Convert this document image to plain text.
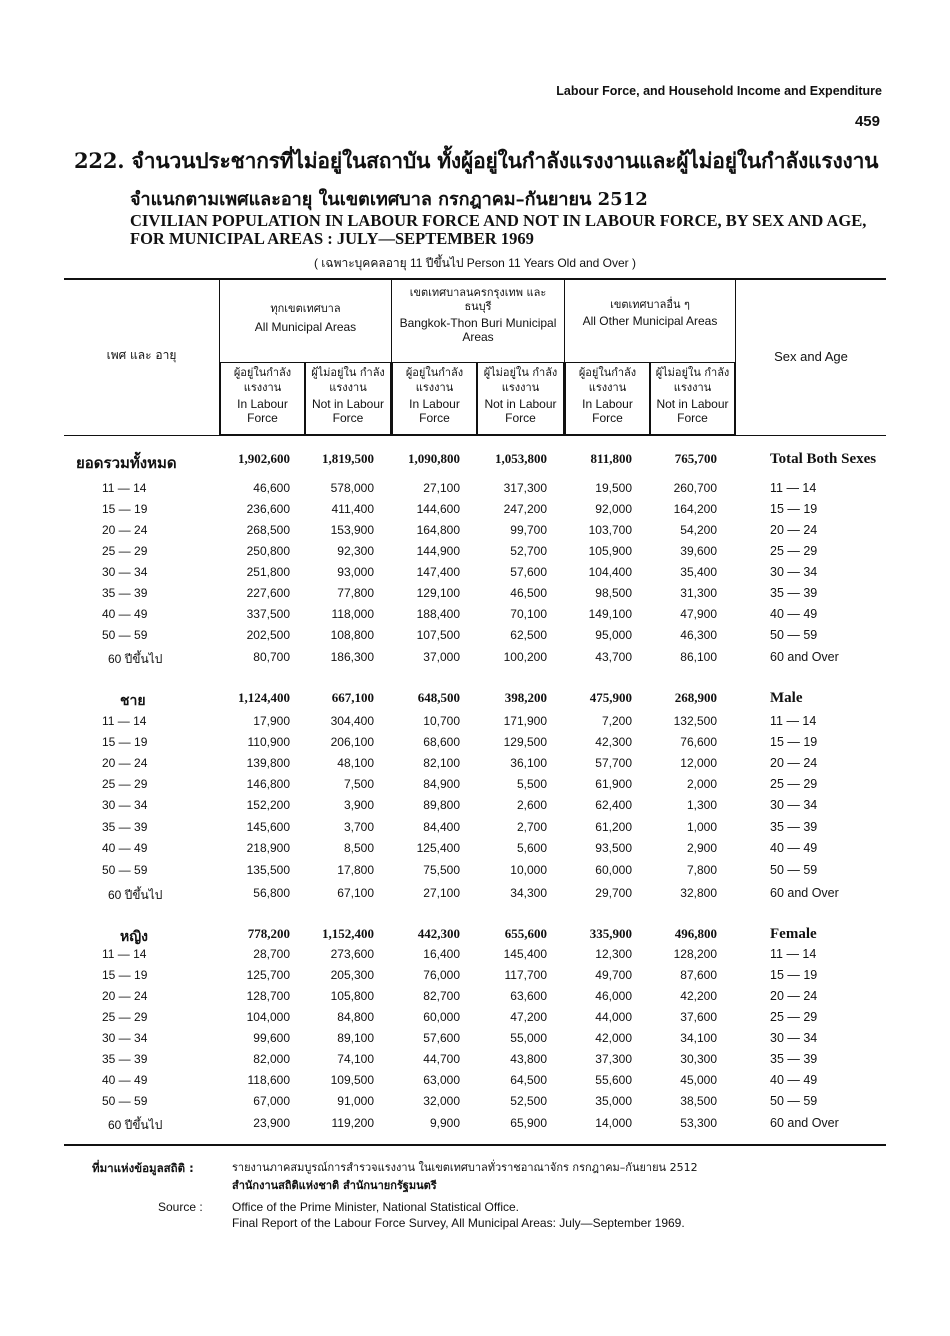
Labour Force, and Household Income and Expenditure
459
222. จำนวนประชากรที่ไม่อยู่ในสถาบัน ทั้งผู้อยู่ในกำลังแรงงานและผู้ไม่อยู่ในกำลังแรงงาน
จำแนกตามเพศและอายุ ในเขตเทศบาล กรกฎาคม–กันยายน 2512
CIVILIAN POPULATION IN LABOUR FORCE AND NOT IN LABOUR FORCE, BY SEX AND AGE, FOR MUNICIPAL AREAS : JULY—SEPTEMBER 1969
( เฉพาะบุคคลอายุ 11 ปีขึ้นไป Person 11 Years Old and Over )
เพศ และ อายุ	Sex and Age
ทุกเขตเทศบาล
All Municipal Areas
เขตเทศบาลนครกรุงเทพ และธนบุรี
Bangkok-Thon Buri Municipal Areas
เขตเทศบาลอื่น ๆ
All Other Municipal Areas
ผู้อยู่ในกำลัง แรงงาน
In Labour Force
ผู้ไม่อยู่ใน กำลังแรงงาน
Not in Labour Force
ผู้อยู่ในกำลัง แรงงาน
In Labour Force
ผู้ไม่อยู่ใน กำลังแรงงาน
Not in Labour Force
ผู้อยู่ในกำลัง แรงงาน
In Labour Force
ผู้ไม่อยู่ใน กำลังแรงงาน
Not in Labour Force
ยอดรวมทั้งหมด	1,902,600	1,819,500	1,090,800	1,053,800	811,800	765,700	Total Both Sexes
11 — 14	46,600	578,000	27,100	317,300	19,500	260,700	11 — 14
15 — 19	236,600	411,400	144,600	247,200	92,000	164,200	15 — 19
20 — 24	268,500	153,900	164,800	99,700	103,700	54,200	20 — 24
25 — 29	250,800	92,300	144,900	52,700	105,900	39,600	25 — 29
30 — 34	251,800	93,000	147,400	57,600	104,400	35,400	30 — 34
35 — 39	227,600	77,800	129,100	46,500	98,500	31,300	35 — 39
40 — 49	337,500	118,000	188,400	70,100	149,100	47,900	40 — 49
50 — 59	202,500	108,800	107,500	62,500	95,000	46,300	50 — 59
60 ปีขึ้นไป	80,700	186,300	37,000	100,200	43,700	86,100	60 and Over
ชาย	1,124,400	667,100	648,500	398,200	475,900	268,900	Male
11 — 14	17,900	304,400	10,700	171,900	7,200	132,500	11 — 14
15 — 19	110,900	206,100	68,600	129,500	42,300	76,600	15 — 19
20 — 24	139,800	48,100	82,100	36,100	57,700	12,000	20 — 24
25 — 29	146,800	7,500	84,900	5,500	61,900	2,000	25 — 29
30 — 34	152,200	3,900	89,800	2,600	62,400	1,300	30 — 34
35 — 39	145,600	3,700	84,400	2,700	61,200	1,000	35 — 39
40 — 49	218,900	8,500	125,400	5,600	93,500	2,900	40 — 49
50 — 59	135,500	17,800	75,500	10,000	60,000	7,800	50 — 59
60 ปีขึ้นไป	56,800	67,100	27,100	34,300	29,700	32,800	60 and Over
หญิง	778,200	1,152,400	442,300	655,600	335,900	496,800	Female
11 — 14	28,700	273,600	16,400	145,400	12,300	128,200	11 — 14
15 — 19	125,700	205,300	76,000	117,700	49,700	87,600	15 — 19
20 — 24	128,700	105,800	82,700	63,600	46,000	42,200	20 — 24
25 — 29	104,000	84,800	60,000	47,200	44,000	37,600	25 — 29
30 — 34	99,600	89,100	57,600	55,000	42,000	34,100	30 — 34
35 — 39	82,000	74,100	44,700	43,800	37,300	30,300	35 — 39
40 — 49	118,600	109,500	63,000	64,500	55,600	45,000	40 — 49
50 — 59	67,000	91,000	32,000	52,500	35,000	38,500	50 — 59
60 ปีขึ้นไป	23,900	119,200	9,900	65,900	14,000	53,300	60 and Over
ที่มาแห่งข้อมูลสถิติ :	รายงานภาคสมบูรณ์การสำรวจแรงงาน ในเขตเทศบาลทั่วราชอาณาจักร กรกฎาคม–กันยายน 2512
สำนักงานสถิติแห่งชาติ สำนักนายกรัฐมนตรี
Source : Office of the Prime Minister, National Statistical Office.
Final Report of the Labour Force Survey, All Municipal Areas: July—September 1969.
